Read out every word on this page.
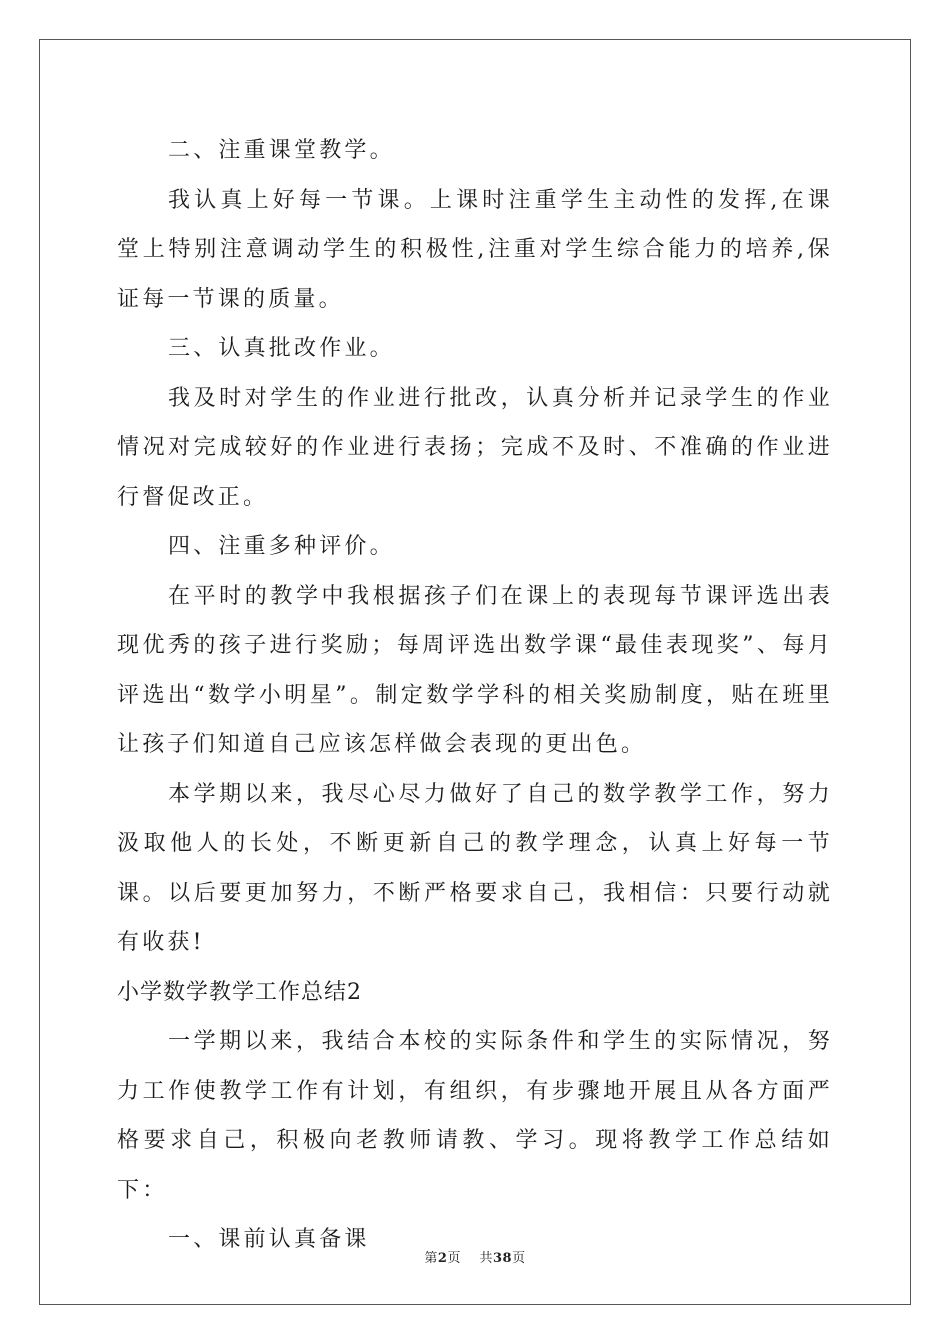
二、注重课堂教学。

我认真上好每一节课。上课时注重学生主动性的发挥,在课堂上特别注意调动学生的积极性,注重对学生综合能力的培养,保证每一节课的质量。

三、认真批改作业。

我及时对学生的作业进行批改，认真分析并记录学生的作业情况对完成较好的作业进行表扬；完成不及时、不准确的作业进行督促改正。

四、注重多种评价。

在平时的教学中我根据孩子们在课上的表现每节课评选出表现优秀的孩子进行奖励；每周评选出数学课“最佳表现奖”、每月评选出“数学小明星”。制定数学学科的相关奖励制度，贴在班里让孩子们知道自己应该怎样做会表现的更出色。

本学期以来，我尽心尽力做好了自己的数学教学工作，努力汲取他人的长处，不断更新自己的教学理念，认真上好每一节课。以后要更加努力，不断严格要求自己，我相信：只要行动就有收获!

小学数学教学工作总结2

一学期以来，我结合本校的实际条件和学生的实际情况，努力工作使教学工作有计划，有组织，有步骤地开展且从各方面严格要求自己，积极向老教师请教、学习。现将教学工作总结如下：

一、课前认真备课

第2页 共38页
